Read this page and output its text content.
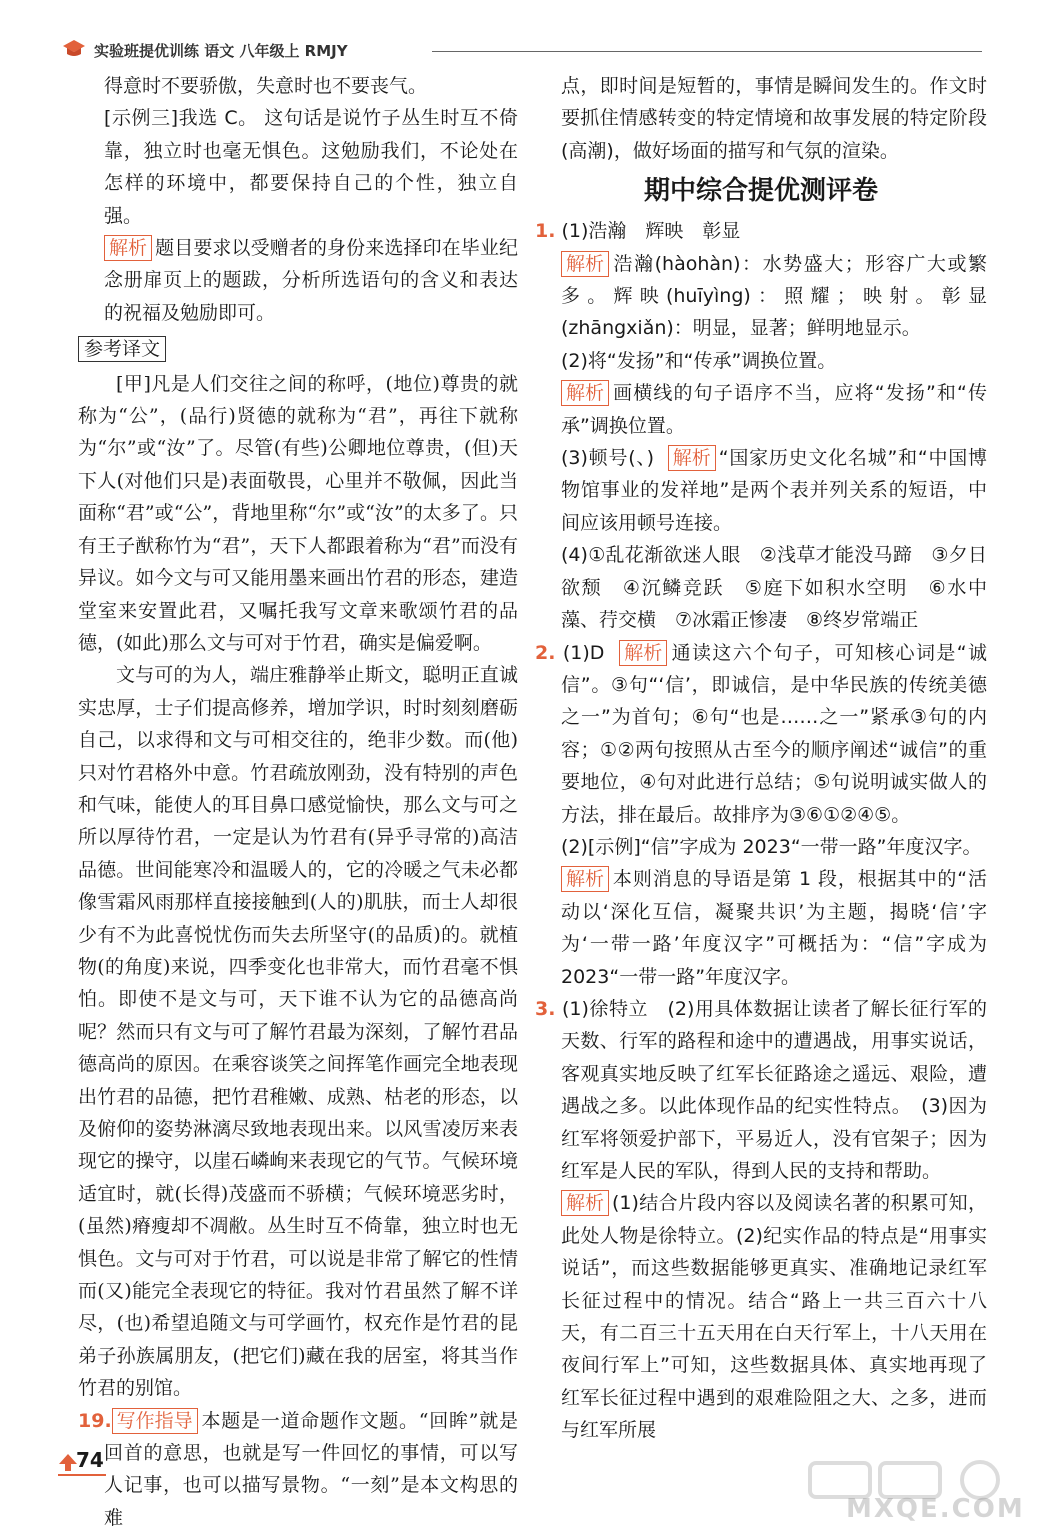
实验班提优训练 语文 八年级上 RMJY

得意时不要骄傲，失意时也不要丧气。

[示例三]我选 C。 这句话是说竹子丛生时互不倚靠，独立时也毫无惧色。这勉励我们，不论处在怎样的环境中，都要保持自己的个性，独立自强。

解析 题目要求以受赠者的身份来选择印在毕业纪念册扉页上的题跋，分析所选语句的含义和表达的祝福及勉励即可。

参考译文

[甲]凡是人们交往之间的称呼，(地位)尊贵的就称为“公”，(品行)贤德的就称为“君”，再往下就称为“尔”或“汝”了。尽管(有些)公卿地位尊贵，(但)天下人(对他们只是)表面敬畏，心里并不敬佩，因此当面称“君”或“公”，背地里称“尔”或“汝”的太多了。只有王子猷称竹为“君”，天下人都跟着称为“君”而没有异议。如今文与可又能用墨来画出竹君的形态，建造堂室来安置此君，又嘱托我写文章来歌颂竹君的品德，(如此)那么文与可对于竹君，确实是偏爱啊。

文与可的为人，端庄雅静举止斯文，聪明正直诚实忠厚，士子们提高修养，增加学识，时时刻刻磨砺自己，以求得和文与可相交往的，绝非少数。而(他)只对竹君格外中意。竹君疏放刚劲，没有特别的声色和气味，能使人的耳目鼻口感觉愉快，那么文与可之所以厚待竹君，一定是认为竹君有(异乎寻常的)高洁品德。世间能寒冷和温暖人的，它的冷暖之气未必都像雪霜风雨那样直接接触到(人的)肌肤，而士人却很少有不为此喜悦忧伤而失去所坚守(的品质)的。就植物(的角度)来说，四季变化也非常大，而竹君毫不惧怕。即使不是文与可，天下谁不认为它的品德高尚呢？然而只有文与可了解竹君最为深刻，了解竹君品德高尚的原因。在乘容谈笑之间挥笔作画完全地表现出竹君的品德，把竹君稚嫩、成熟、枯老的形态，以及俯仰的姿势淋漓尽致地表现出来。以风雪凌厉来表现它的操守，以崖石嶙峋来表现它的气节。气候环境适宜时，就(长得)茂盛而不骄横；气候环境恶劣时，(虽然)瘠瘦却不凋敝。丛生时互不倚靠，独立时也无惧色。文与可对于竹君，可以说是非常了解它的性情而(又)能完全表现它的特征。我对竹君虽然了解不详尽，(也)希望追随文与可学画竹，权充作是竹君的昆弟子孙族属朋友，(把它们)藏在我的居室，将其当作竹君的别馆。

19. 写作指导 本题是一道命题作文题。“回眸”就是回首的意思，也就是写一件回忆的事情，可以写人记事，也可以描写景物。“一刻”是本文构思的难

点，即时间是短暂的，事情是瞬间发生的。作文时要抓住情感转变的特定情境和故事发展的特定阶段(高潮)，做好场面的描写和气氛的渲染。

期中综合提优测评卷

1. (1)浩瀚　辉映　彰显

解析 浩瀚(hàohàn)：水势盛大；形容广大或繁多。辉映(huīyìng)：照耀；映射。彰显(zhāngxiǎn)：明显，显著；鲜明地显示。

(2)将“发扬”和“传承”调换位置。

解析 画横线的句子语序不当，应将“发扬”和“传承”调换位置。

(3)顿号(、) 解析 “国家历史文化名城”和“中国博物馆事业的发祥地”是两个表并列关系的短语，中间应该用顿号连接。

(4)①乱花渐欲迷人眼　②浅草才能没马蹄　③夕日欲颓　④沉鳞竞跃　⑤庭下如积水空明　⑥水中藻、荇交横　⑦冰霜正惨凄　⑧终岁常端正

2. (1)D 解析 通读这六个句子，可知核心词是“诚信”。③句“‘信’，即诚信，是中华民族的传统美德之一”为首句；⑥句“也是……之一”紧承③句的内容；①②两句按照从古至今的顺序阐述“诚信”的重要地位，④句对此进行总结；⑤句说明诚实做人的方法，排在最后。故排序为③⑥①②④⑤。

(2)[示例]“信”字成为 2023“一带一路”年度汉字。

解析 本则消息的导语是第 1 段，根据其中的“活动以‘深化互信，凝聚共识’为主题，揭晓‘信’字为‘一带一路’年度汉字”可概括为：“信”字成为 2023“一带一路”年度汉字。

3. (1)徐特立　(2)用具体数据让读者了解长征行军的天数、行军的路程和途中的遭遇战，用事实说话，客观真实地反映了红军长征路途之遥远、艰险，遭遇战之多。以此体现作品的纪实性特点。　(3)因为红军将领爱护部下，平易近人，没有官架子；因为红军是人民的军队，得到人民的支持和帮助。

解析 (1)结合片段内容以及阅读名著的积累可知，此处人物是徐特立。(2)纪实作品的特点是“用事实说话”，而这些数据能够更真实、准确地记录红军长征过程中的情况。结合“路上一共三百六十八天，有二百三十五天用在白天行军上，十八天用在夜间行军上”可知，这些数据具体、真实地再现了红军长征过程中遇到的艰难险阻之大、之多，进而与红军所展

74
MXQE.COM
